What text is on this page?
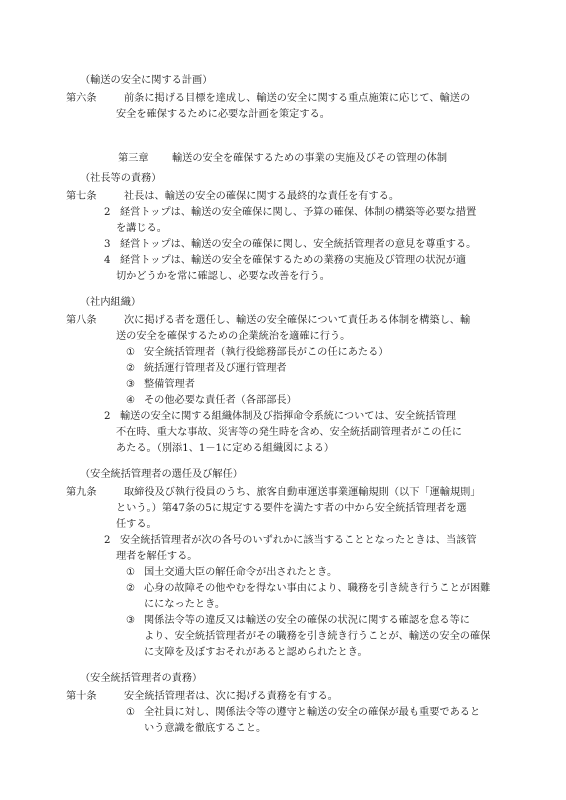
（輸送の安全に関する計画）
第六条	前条に掲げる目標を達成し、輸送の安全に関する重点施策に応じて、輸送の
安全を確保するために必要な計画を策定する。
第三章 輸送の安全を確保するための事業の実施及びその管理の体制
（社長等の責務）
第七条	社長は、輸送の安全の確保に関する最終的な責任を有する。
2 経営トップは、輸送の安全確保に関し、予算の確保、体制の構築等必要な措置
を講じる。
3 経営トップは、輸送の安全の確保に関し、安全統括管理者の意見を尊重する。
4 経営トップは、輸送の安全を確保するための業務の実施及び管理の状況が適
切かどうかを常に確認し、必要な改善を行う。
（社内組織）
第八条	次に掲げる者を選任し、輸送の安全確保について責任ある体制を構築し、輸
送の安全を確保するための企業統治を適確に行う。
① 安全統括管理者（執行役総務部長がこの任にあたる）
② 統括運行管理者及び運行管理者
③ 整備管理者
④ その他必要な責任者（各部部長）
2 輸送の安全に関する組織体制及び指揮命令系統については、安全統括管理
不在時、重大な事故、災害等の発生時を含め、安全統括副管理者がこの任に
あたる。（別添1、1－1に定める組織図による）
（安全統括管理者の選任及び解任）
第九条	取締役及び執行役員のうち、旅客自動車運送事業運輸規則（以下「運輸規則」
という。）第47条の5に規定する要件を満たす者の中から安全統括管理者を選
任する。
2 安全統括管理者が次の各号のいずれかに該当することとなったときは、当該管
理者を解任する。
① 国土交通大臣の解任命令が出されたとき。
② 心身の故障その他やむを得ない事由により、職務を引き続き行うことが困難
にになったとき。
③ 関係法令等の違反又は輸送の安全の確保の状況に関する確認を怠る等に
より、安全統括管理者がその職務を引き続き行うことが、輸送の安全の確保
に支障を及ぼすおそれがあると認められたとき。
（安全統括管理者の責務）
第十条	安全統括管理者は、次に掲げる責務を有する。
① 全社員に対し、関係法令等の遵守と輸送の安全の確保が最も重要であると
いう意識を徹底すること。
